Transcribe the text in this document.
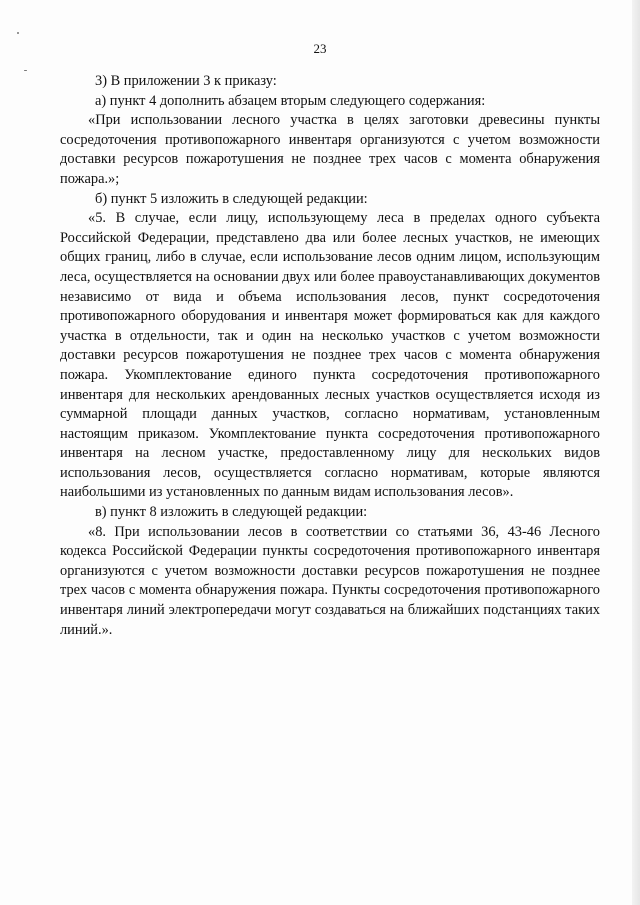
23

3) В приложении 3 к приказу:

а) пункт 4 дополнить абзацем вторым следующего содержания:

«При использовании лесного участка в целях заготовки древесины пункты сосредоточения противопожарного инвентаря организуются с учетом возможности доставки ресурсов пожаротушения не позднее трех часов с момента обнаружения пожара.»;

б) пункт 5 изложить в следующей редакции:

«5. В случае, если лицу, использующему леса в пределах одного субъекта Российской Федерации, представлено два или более лесных участков, не имеющих общих границ, либо в случае, если использование лесов одним лицом, использующим леса, осуществляется на основании двух или более правоустанавливающих документов независимо от вида и объема использования лесов, пункт сосредоточения противопожарного оборудования и инвентаря может формироваться как для каждого участка в отдельности, так и один на несколько участков с учетом возможности доставки ресурсов пожаротушения не позднее трех часов с момента обнаружения пожара. Укомплектование единого пункта сосредоточения противопожарного инвентаря для нескольких арендованных лесных участков осуществляется исходя из суммарной площади данных участков, согласно нормативам, установленным настоящим приказом. Укомплектование пункта сосредоточения противопожарного инвентаря на лесном участке, предоставленному лицу для нескольких видов использования лесов, осуществляется согласно нормативам, которые являются наибольшими из установленных по данным видам использования лесов».

в) пункт 8 изложить в следующей редакции:

«8. При использовании лесов в соответствии со статьями 36, 43-46 Лесного кодекса Российской Федерации пункты сосредоточения противопожарного инвентаря организуются с учетом возможности доставки ресурсов пожаротушения не позднее трех часов с момента обнаружения пожара. Пункты сосредоточения противопожарного инвентаря линий электропередачи могут создаваться на ближайших подстанциях таких линий.».
